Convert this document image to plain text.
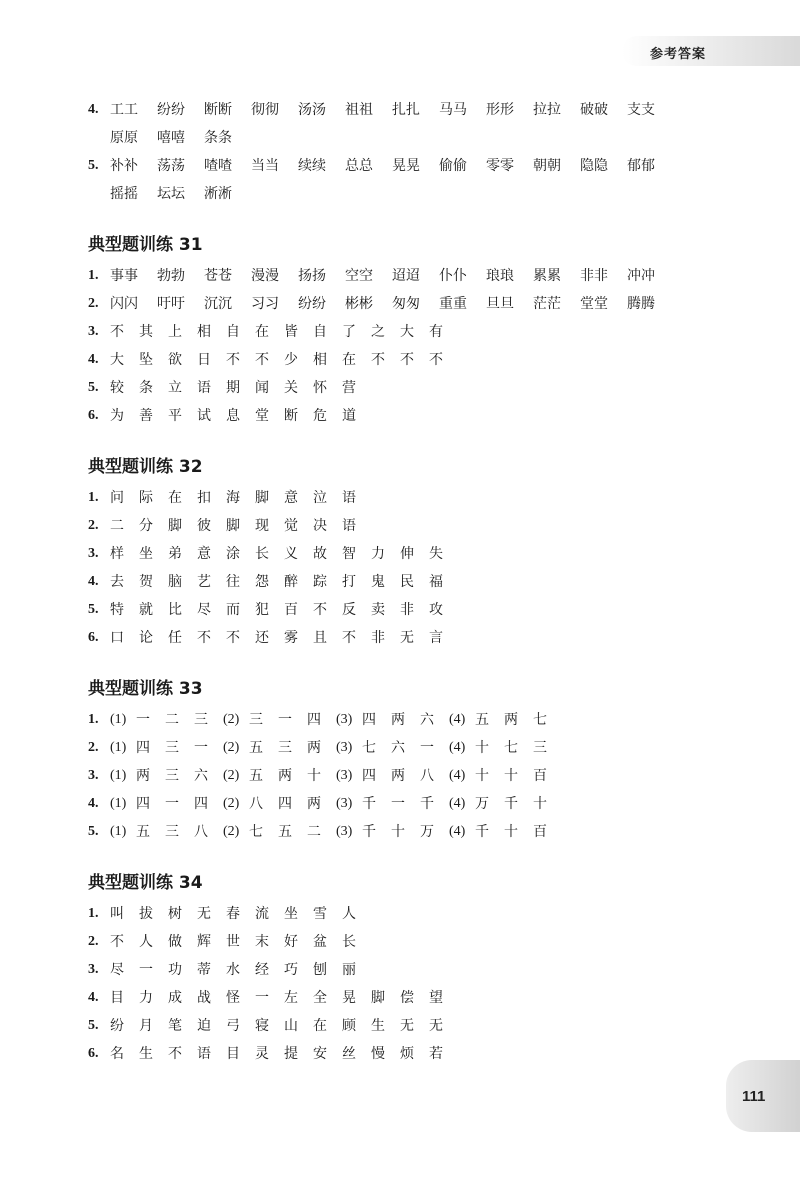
参考答案
4. 工工	纷纷	断断	彻彻	汤汤	祖祖	扎扎	马马	形形	拉拉	破破	支支
原原	嘻嘻	条条
5. 补补	荡荡	喳喳	当当	续续	总总	晃晃	偷偷	零零	朝朝	隐隐	郁郁
摇摇	坛坛	淅淅
典型题训练 31
1. 事事	勃勃	苍苍	漫漫	扬扬	空空	迢迢	仆仆	琅琅	累累	非非	冲冲
2. 闪闪	吁吁	沉沉	习习	纷纷	彬彬	匆匆	重重	旦旦	茫茫	堂堂	腾腾
3. 不	其	上	相	自	在	皆	自	了	之	大	有
4. 大	坠	欲	日	不	不	少	相	在	不	不	不
5. 较	条	立	语	期	闻	关	怀	营
6. 为	善	平	试	息	堂	断	危	道
典型题训练 32
1. 问	际	在	扣	海	脚	意	泣	语
2. 二	分	脚	彼	脚	现	觉	决	语
3. 样	坐	弟	意	涂	长	义	故	智	力	伸	失
4. 去	贺	脑	艺	往	怨	醉	踪	打	鬼	民	福
5. 特	就	比	尽	而	犯	百	不	反	卖	非	攻
6. 口	论	任	不	不	还	雾	且	不	非	无	言
典型题训练 33
1. (1) 一	二	三	(2) 三	一	四	(3) 四	两	六	(4) 五	两	七
2. (1) 四	三	一	(2) 五	三	两	(3) 七	六	一	(4) 十	七	三
3. (1) 两	三	六	(2) 五	两	十	(3) 四	两	八	(4) 十	十	百
4. (1) 四	一	四	(2) 八	四	两	(3) 千	一	千	(4) 万	千	十
5. (1) 五	三	八	(2) 七	五	二	(3) 千	十	万	(4) 千	十	百
典型题训练 34
1. 叫	拔	树	无	春	流	坐	雪	人
2. 不	人	做	辉	世	末	好	盆	长
3. 尽	一	功	蒂	水	经	巧	刨	丽
4. 目	力	成	战	怪	一	左	全	晃	脚	偿	望
5. 纷	月	笔	迫	弓	寝	山	在	顾	生	无	无
6. 名	生	不	语	目	灵	提	安	丝	慢	烦	若
111
